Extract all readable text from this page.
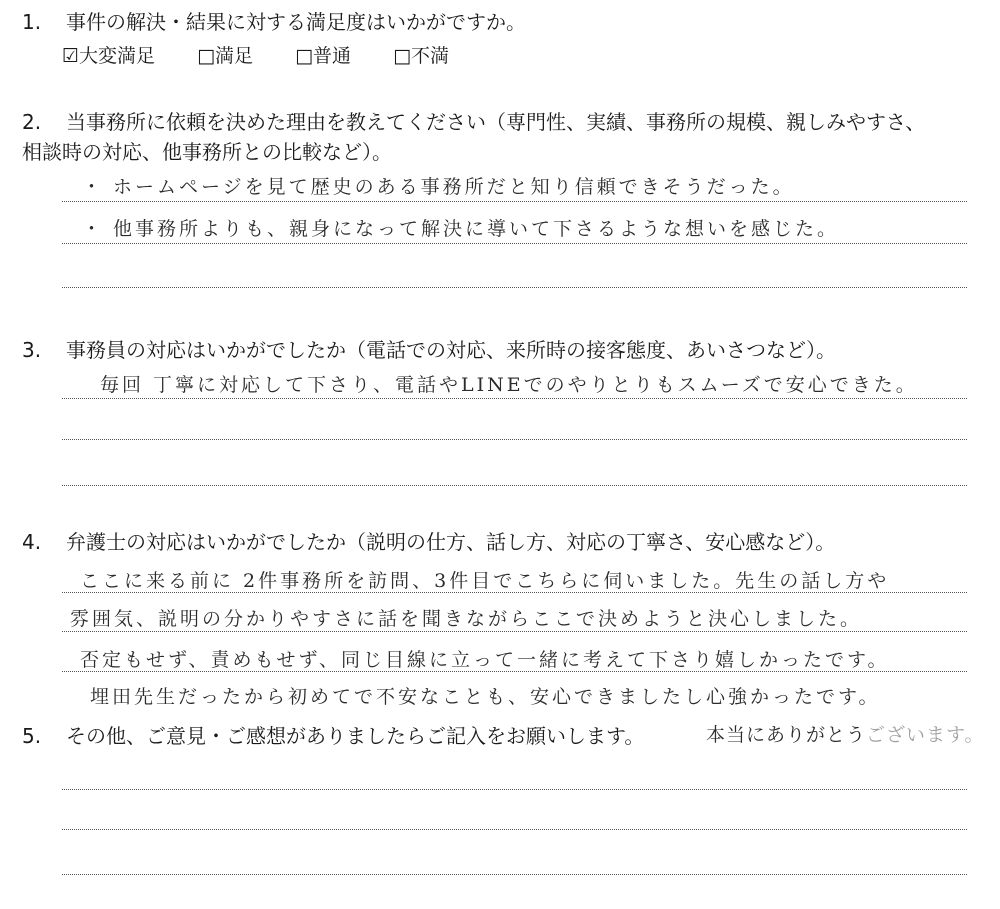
1. 事件の解決・結果に対する満足度はいかがですか。
☑大変満足 □満足 □普通 □不満
2. 当事務所に依頼を決めた理由を教えてください（専門性、実績、事務所の規模、親しみやすさ、
相談時の対応、他事務所との比較など）。
・ ホームページを見て歴史のある事務所だと知り信頼できそうだった。
・ 他事務所よりも、親身になって解決に導いて下さるような想いを感じた。
3. 事務員の対応はいかがでしたか（電話での対応、来所時の接客態度、あいさつなど）。
毎回 丁寧に対応して下さり、電話やLINEでのやりとりもスムーズで安心できた。
4. 弁護士の対応はいかがでしたか（説明の仕方、話し方、対応の丁寧さ、安心感など）。
ここに来る前に 2件事務所を訪問、3件目でこちらに伺いました。先生の話し方や
雰囲気、説明の分かりやすさに話を聞きながらここで決めようと決心しました。
否定もせず、責めもせず、同じ目線に立って一緒に考えて下さり嬉しかったです。
埋田先生だったから初めてで不安なことも、安心できましたし心強かったです。
5. その他、ご意見・ご感想がありましたらご記入をお願いします。	本当にありがとうございます。
